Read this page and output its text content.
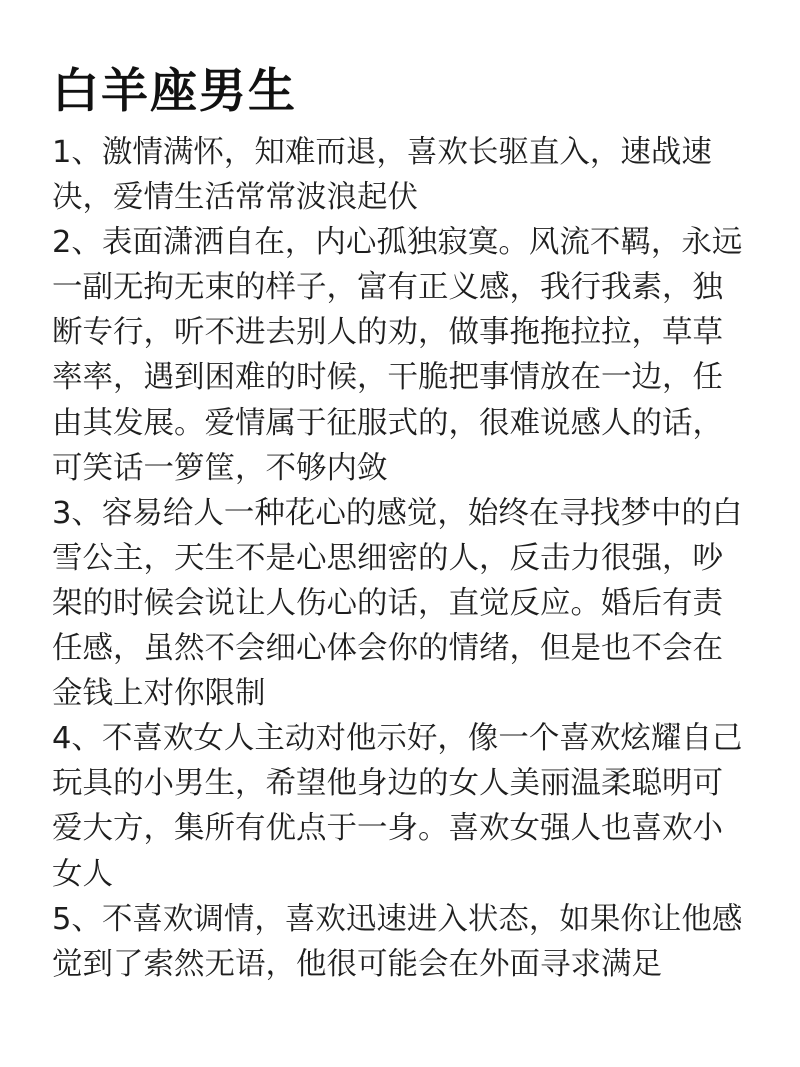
白羊座男生
1、激情满怀，知难而退，喜欢长驱直入，速战速
决，爱情生活常常波浪起伏
2、表面潇洒自在，内心孤独寂寞。风流不羁，永远
一副无拘无束的样子，富有正义感，我行我素，独
断专行，听不进去别人的劝，做事拖拖拉拉，草草
率率，遇到困难的时候，干脆把事情放在一边，任
由其发展。爱情属于征服式的，很难说感人的话，
可笑话一箩筐，不够内敛
3、容易给人一种花心的感觉，始终在寻找梦中的白
雪公主，天生不是心思细密的人，反击力很强，吵
架的时候会说让人伤心的话，直觉反应。婚后有责
任感，虽然不会细心体会你的情绪，但是也不会在
金钱上对你限制
4、不喜欢女人主动对他示好，像一个喜欢炫耀自己
玩具的小男生，希望他身边的女人美丽温柔聪明可
爱大方，集所有优点于一身。喜欢女强人也喜欢小
女人
5、不喜欢调情，喜欢迅速进入状态，如果你让他感
觉到了索然无语，他很可能会在外面寻求满足
